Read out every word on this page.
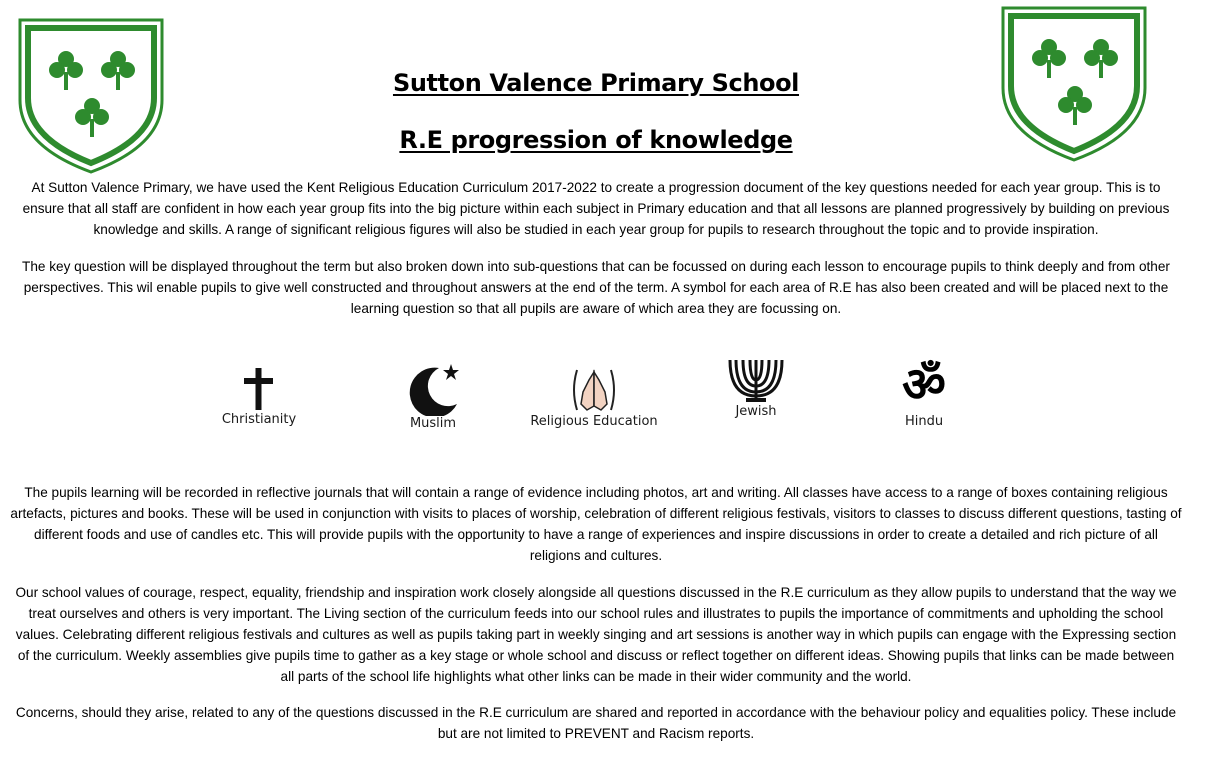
Sutton Valence Primary School
R.E progression of knowledge

At Sutton Valence Primary, we have used the Kent Religious Education Curriculum 2017-2022 to create a progression document of the key questions needed for each year group. This is to ensure that all staff are confident in how each year group fits into the big picture within each subject in Primary education and that all lessons are planned progressively by building on previous knowledge and skills. A range of significant religious figures will also be studied in each year group for pupils to research throughout the topic and to provide inspiration.

The key question will be displayed throughout the term but also broken down into sub-questions that can be focussed on during each lesson to encourage pupils to think deeply and from other perspectives. This wil enable pupils to give well constructed and throughout answers at the end of the term. A symbol for each area of R.E has also been created and will be placed next to the learning question so that all pupils are aware of which area they are focussing on.

Christianity	Muslim	Religious Education
Jewish	ॐ
Hindu

The pupils learning will be recorded in reflective journals that will contain a range of evidence including photos, art and writing. All classes have access to a range of boxes containing religious artefacts, pictures and books. These will be used in conjunction with visits to places of worship, celebration of different religious festivals, visitors to classes to discuss different questions, tasting of different foods and use of candles etc. This will provide pupils with the opportunity to have a range of experiences and inspire discussions in order to create a detailed and rich picture of all religions and cultures.

Our school values of courage, respect, equality, friendship and inspiration work closely alongside all questions discussed in the R.E curriculum as they allow pupils to understand that the way we treat ourselves and others is very important. The Living section of the curriculum feeds into our school rules and illustrates to pupils the importance of commitments and upholding the school values. Celebrating different religious festivals and cultures as well as pupils taking part in weekly singing and art sessions is another way in which pupils can engage with the Expressing section of the curriculum. Weekly assemblies give pupils time to gather as a key stage or whole school and discuss or reflect together on different ideas. Showing pupils that links can be made between all parts of the school life highlights what other links can be made in their wider community and the world.

Concerns, should they arise, related to any of the questions discussed in the R.E curriculum are shared and reported in accordance with the behaviour policy and equalities policy. These include but are not limited to PREVENT and Racism reports.
